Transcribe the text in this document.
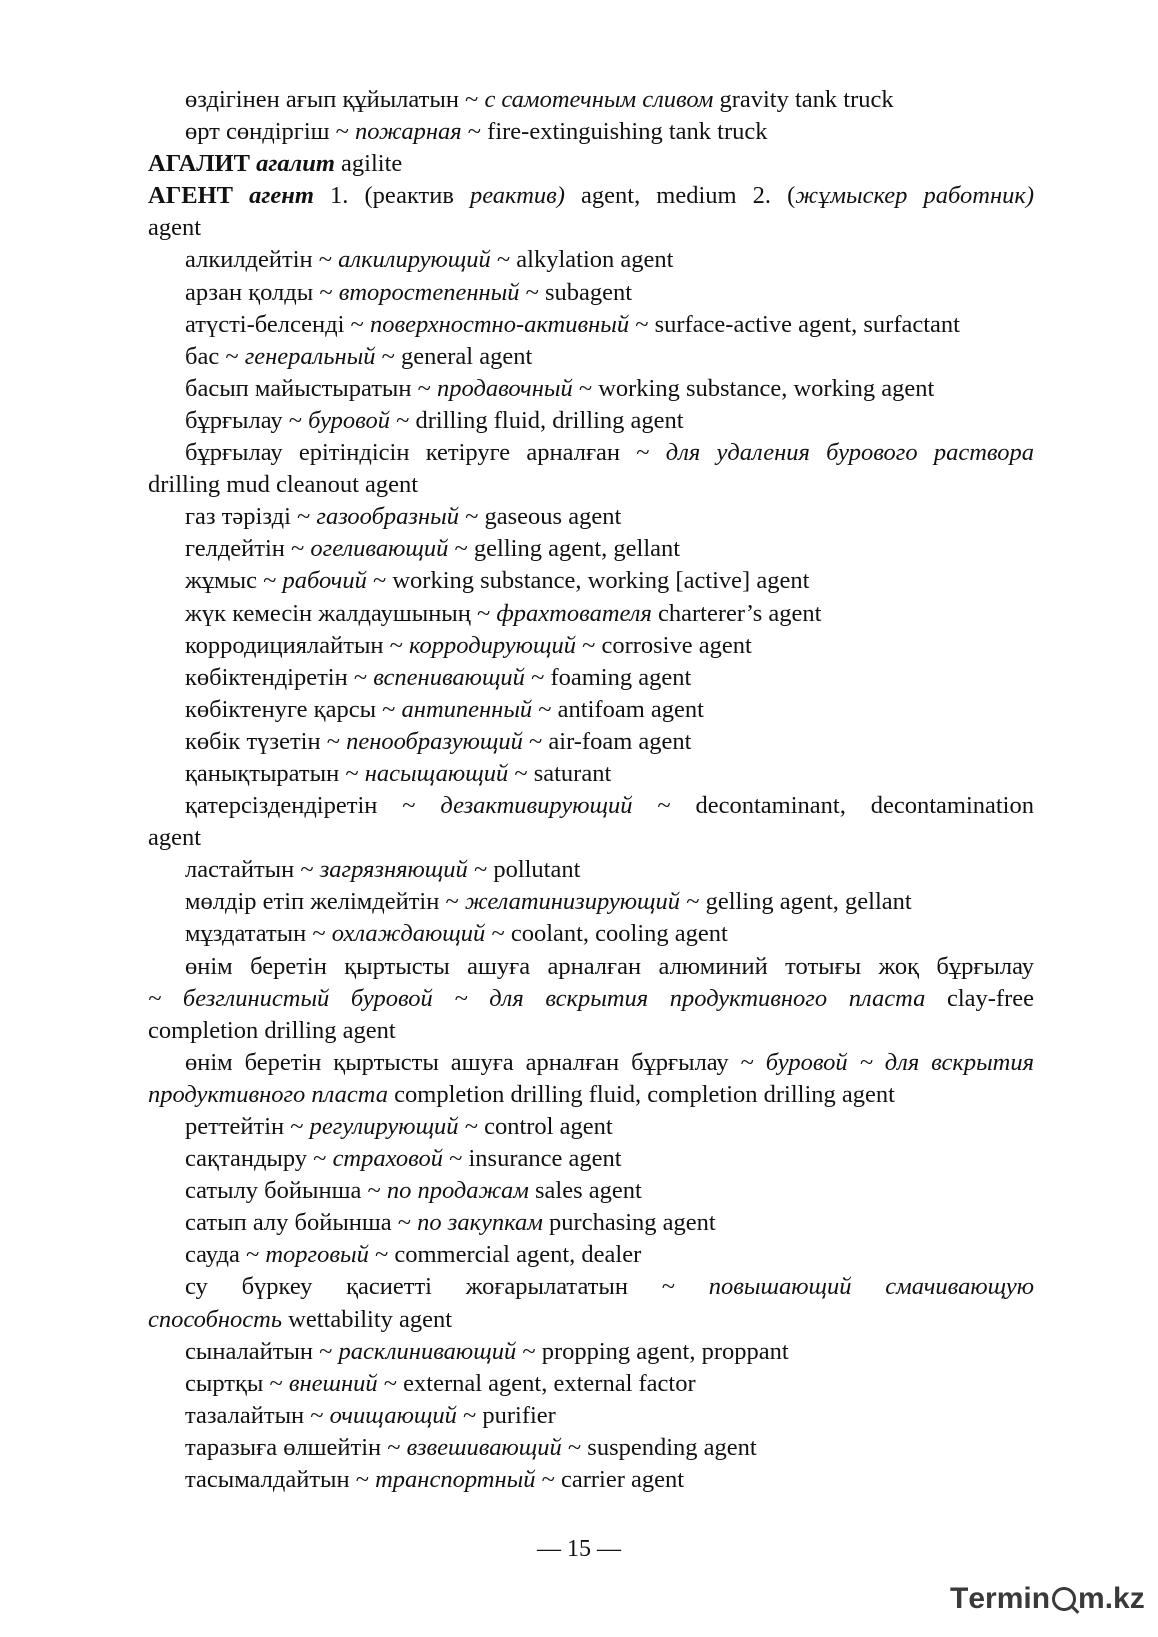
өздігінен ағып құйылатын ~ с самотечным сливом gravity tank truck
өрт сөндіргіш ~ пожарная ~ fire-extinguishing tank truck
АГАЛИТ агалит agilite
АГЕНТ агент 1. (реактив реактив) agent, medium 2. (жұмыскер работник)
agent
алкилдейтін ~ алкилирующий ~ alkylation agent
арзан қолды ~ второстепенный ~ subagent
атүсті-белсенді ~ поверхностно-активный ~ surface-active agent, surfactant
бас ~ генеральный ~ general agent
басып майыстыратын ~ продавочный ~ working substance, working agent
бұрғылау ~ буровой ~ drilling fluid, drilling agent
бұрғылау ерітіндісін кетіруге арналған ~ для удаления бурового раствора
drilling mud cleanout agent
газ тәрізді ~ газообразный ~ gaseous agent
гелдейтін ~ огеливающий ~ gelling agent, gellant
жұмыс ~ рабочий ~ working substance, working [active] agent
жүк кемесін жалдаушының ~ фрахтователя charterer’s agent
корродициялайтын ~ корродирующий ~ corrosive agent
көбіктендіретін ~ вспенивающий ~ foaming agent
көбіктенуге қарсы ~ антипенный ~ antifoam agent
көбік түзетін ~ пенообразующий ~ air-foam agent
қанықтыратын ~ насыщающий ~ saturant
қатерсіздендіретін ~ дезактивирующий ~ decontaminant, decontamination
agent
ластайтын ~ загрязняющий ~ pollutant
мөлдір етіп желімдейтін ~ желатинизирующий ~ gelling agent, gellant
мұздататын ~ охлаждающий ~ coolant, cooling agent
өнім беретін қыртысты ашуға арналған алюминий тотығы жоқ бұрғылау
~ безглинистый буровой ~ для вскрытия продуктивного пласта clay-free
completion drilling agent
өнім беретін қыртысты ашуға арналған бұрғылау ~ буровой ~ для вскрытия
продуктивного пласта completion drilling fluid, completion drilling agent
реттейтін ~ регулирующий ~ control agent
сақтандыру ~ страховой ~ insurance agent
сатылу бойынша ~ по продажам sales agent
сатып алу бойынша ~ по закупкам purchasing agent
сауда ~ торговый ~ commercial agent, dealer
су бүркеу қасиетті жоғарылататын ~ повышающий смачивающую
способность wettability agent
сыналайтын ~ расклинивающий ~ propping agent, proppant
сыртқы ~ внешний ~ external agent, external factor
тазалайтын ~ очищающий ~ purifier
таразыға өлшейтін ~ взвешивающий ~ suspending agent
тасымалдайтын ~ транспортный ~ carrier agent
— 15 —
T ermin m.kz
